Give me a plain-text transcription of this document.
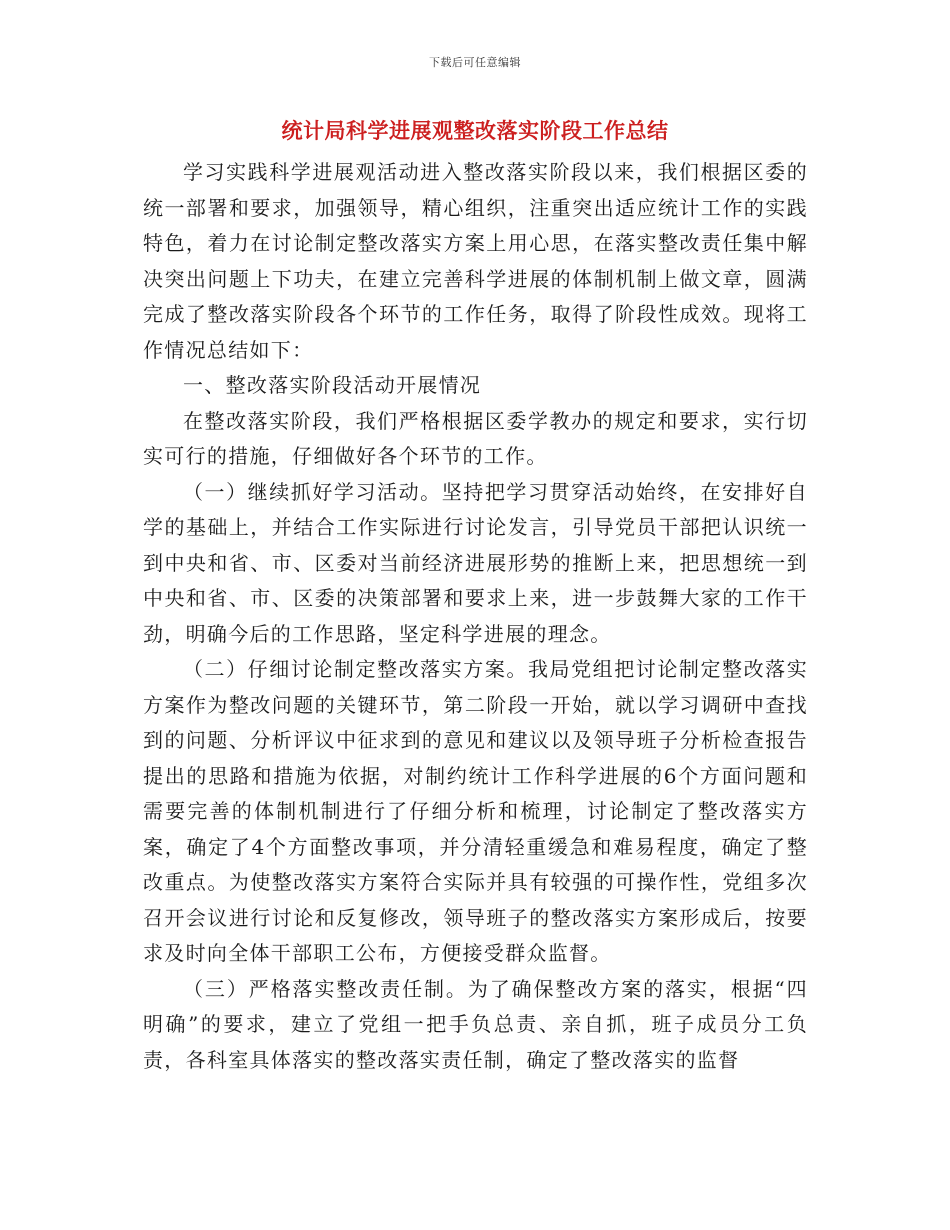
下载后可任意编辑
统计局科学进展观整改落实阶段工作总结

学习实践科学进展观活动进入整改落实阶段以来，我们根据区委的统一部署和要求，加强领导，精心组织，注重突出适应统计工作的实践特色，着力在讨论制定整改落实方案上用心思，在落实整改责任集中解决突出问题上下功夫，在建立完善科学进展的体制机制上做文章，圆满完成了整改落实阶段各个环节的工作任务，取得了阶段性成效。现将工作情况总结如下：

一、整改落实阶段活动开展情况

在整改落实阶段，我们严格根据区委学教办的规定和要求，实行切实可行的措施，仔细做好各个环节的工作。

（一）继续抓好学习活动。坚持把学习贯穿活动始终，在安排好自学的基础上，并结合工作实际进行讨论发言，引导党员干部把认识统一到中央和省、市、区委对当前经济进展形势的推断上来，把思想统一到中央和省、市、区委的决策部署和要求上来，进一步鼓舞大家的工作干劲，明确今后的工作思路，坚定科学进展的理念。

（二）仔细讨论制定整改落实方案。我局党组把讨论制定整改落实方案作为整改问题的关键环节，第二阶段一开始，就以学习调研中查找到的问题、分析评议中征求到的意见和建议以及领导班子分析检查报告提出的思路和措施为依据，对制约统计工作科学进展的6个方面问题和需要完善的体制机制进行了仔细分析和梳理，讨论制定了整改落实方案，确定了4个方面整改事项，并分清轻重缓急和难易程度，确定了整改重点。为使整改落实方案符合实际并具有较强的可操作性，党组多次召开会议进行讨论和反复修改，领导班子的整改落实方案形成后，按要求及时向全体干部职工公布，方便接受群众监督。

（三）严格落实整改责任制。为了确保整改方案的落实，根据“四明确”的要求，建立了党组一把手负总责、亲自抓，班子成员分工负责，各科室具体落实的整改落实责任制，确定了整改落实的监督
